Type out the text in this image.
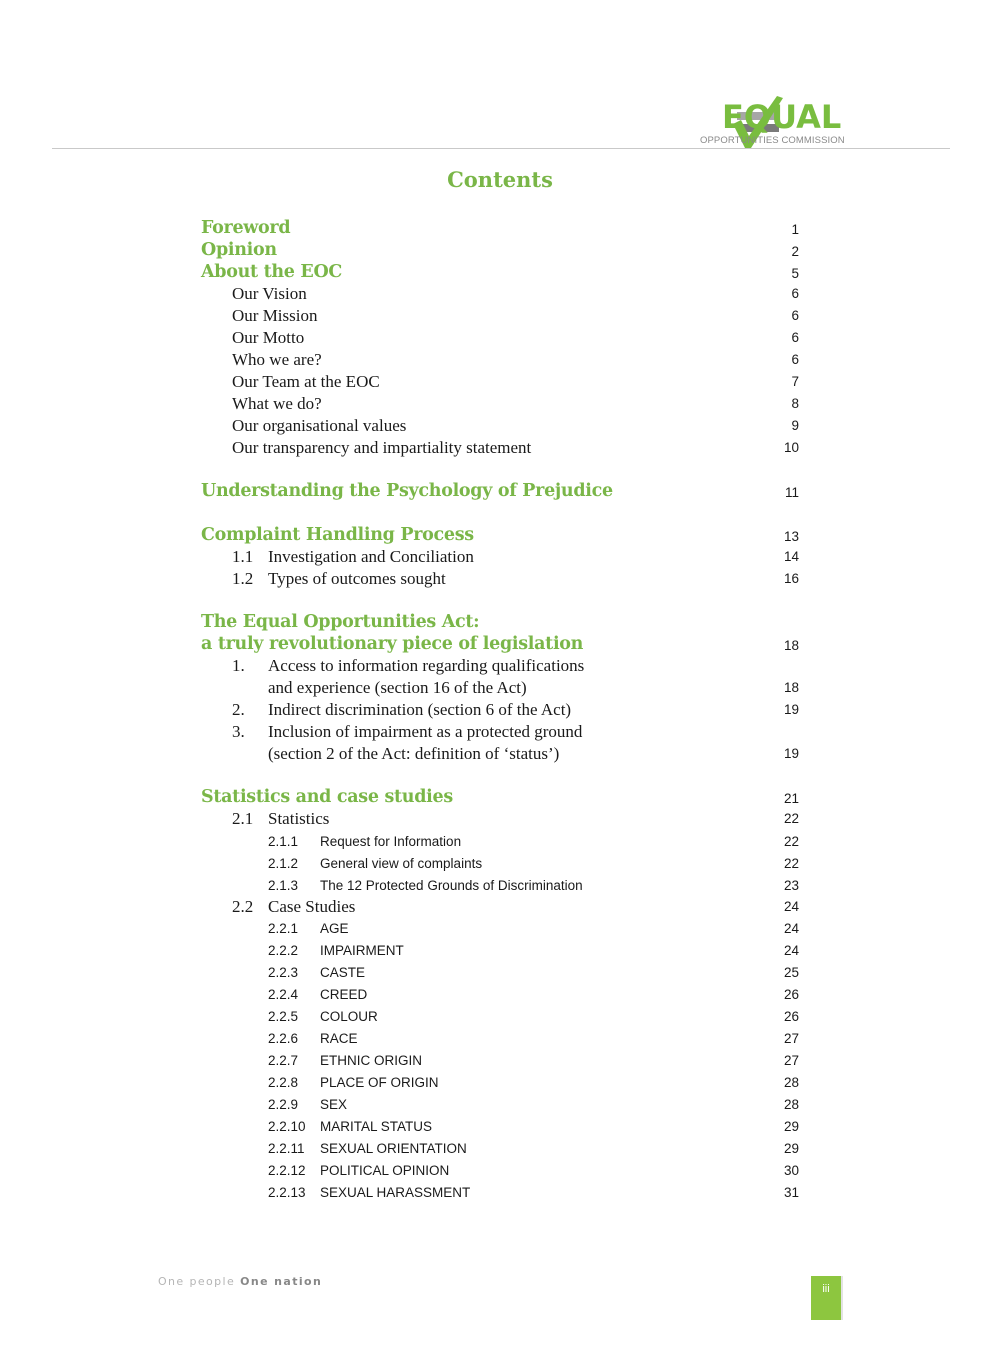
EQUAL
OPPORTUNITIES COMMISSION
Contents
Foreword	1
Opinion	2
About the EOC	5
Our Vision	6
Our Mission	6
Our Motto	6
Who we are?	6
Our Team at the EOC	7
What we do?	8
Our organisational values	9
Our transparency and impartiality statement	10
Understanding the Psychology of Prejudice	11
Complaint Handling Process	13
1.1 Investigation and Conciliation	14
1.2 Types of outcomes sought	16
The Equal Opportunities Act:
a truly revolutionary piece of legislation	18
1. Access to information regarding qualifications
and experience (section 16 of the Act)	18
2. Indirect discrimination (section 6 of the Act)	19
3. Inclusion of impairment as a protected ground
(section 2 of the Act: definition of ‘status’)	19
Statistics and case studies	21
2.1 Statistics	22
2.1.1 Request for Information	22
2.1.2 General view of complaints	22
2.1.3 The 12 Protected Grounds of Discrimination	23
2.2 Case Studies	24
2.2.1 AGE	24
2.2.2 IMPAIRMENT	24
2.2.3 CASTE	25
2.2.4 CREED	26
2.2.5 COLOUR	26
2.2.6 RACE	27
2.2.7 ETHNIC ORIGIN	27
2.2.8 PLACE OF ORIGIN	28
2.2.9 SEX	28
2.2.10 MARITAL STATUS	29
2.2.11 SEXUAL ORIENTATION	29
2.2.12 POLITICAL OPINION	30
2.2.13 SEXUAL HARASSMENT	31
One people One nation
iii
